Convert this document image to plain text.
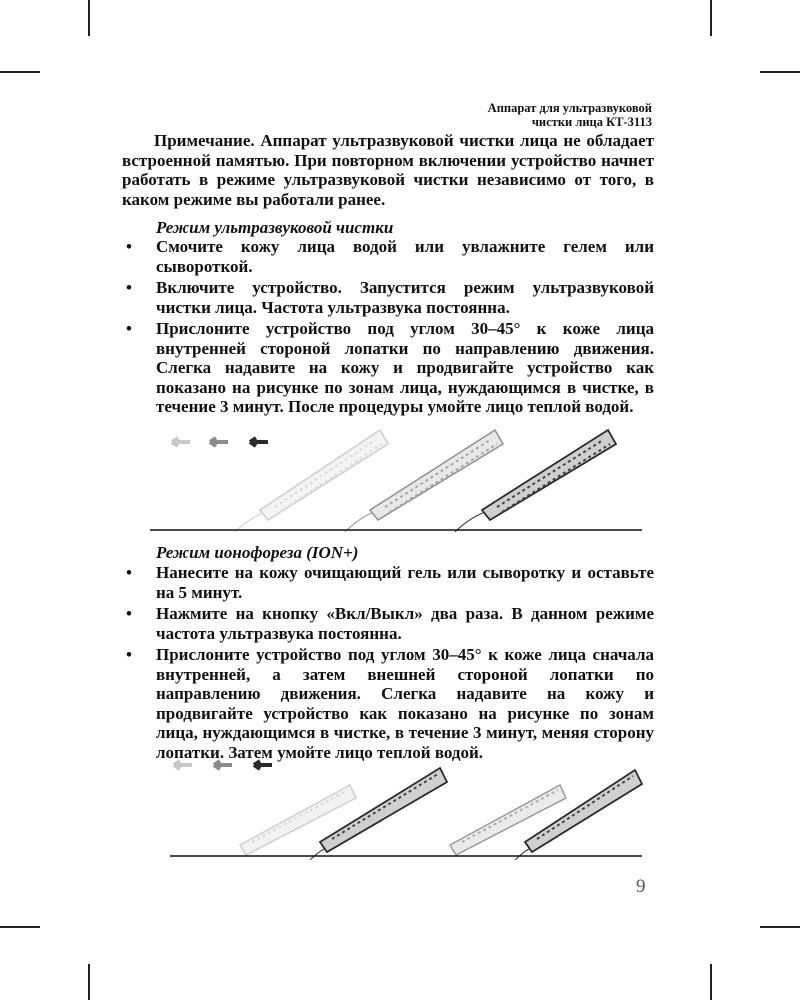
Аппарат для ультразвуковой
чистки лица КТ-3113

Примечание. Аппарат ультразвуковой чистки лица не обладает встроенной памятью. При повторном включении устройство начнет работать в режиме ультразвуковой чистки независимо от того, в каком режиме вы работали ранее.

Режим ультразвуковой чистки
• Смочите кожу лица водой или увлажните гелем или сывороткой.
• Включите устройство. Запустится режим ультразвуковой чистки лица. Частота ультразвука постоянна.
• Прислоните устройство под углом 30–45° к коже лица внутренней стороной лопатки по направлению движения. Слегка надавите на кожу и продвигайте устройство как показано на рисунке по зонам лица, нуждающимся в чистке, в течение 3 минут. После процедуры умойте лицо теплой водой.
Режим ионофореза (ION+)
• Нанесите на кожу очищающий гель или сыворотку и оставьте на 5 минут.
• Нажмите на кнопку «Вкл/Выкл» два раза. В данном режиме частота ультразвука постоянна.
• Прислоните устройство под углом 30–45° к коже лица сначала внутренней, а затем внешней стороной лопатки по направлению движения. Слегка надавите на кожу и продвигайте устройство как показано на рисунке по зонам лица, нуждающимся в чистке, в течение 3 минут, меняя сторону лопатки. Затем умойте лицо теплой водой.
9
